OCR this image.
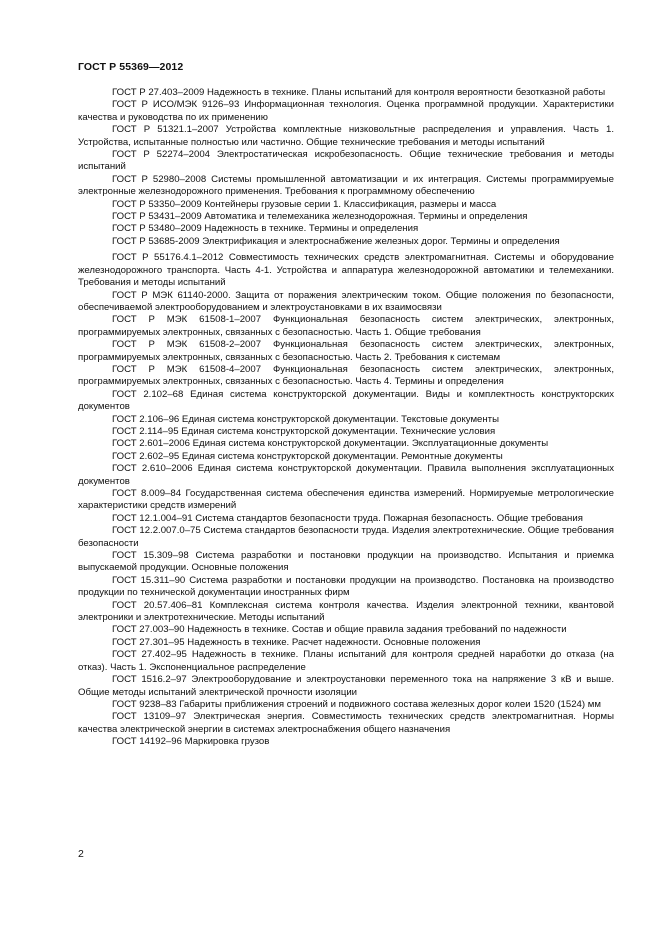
ГОСТ Р 55369—2012

ГОСТ Р 27.403–2009 Надежность в технике. Планы испытаний для контроля вероятности безотказной работы

ГОСТ Р ИСО/МЭК 9126–93 Информационная технология. Оценка программной продукции. Характеристики качества и руководства по их применению

ГОСТ Р 51321.1–2007 Устройства комплектные низковольтные распределения и управления. Часть 1. Устройства, испытанные полностью или частично. Общие технические требования и методы испытаний

ГОСТ Р 52274–2004 Электростатическая искробезопасность. Общие технические требования и методы испытаний

ГОСТ Р 52980–2008 Системы промышленной автоматизации и их интеграция. Системы программируемые электронные железнодорожного применения. Требования к программному обеспечению

ГОСТ Р 53350–2009 Контейнеры грузовые серии 1. Классификация, размеры и масса

ГОСТ Р 53431–2009 Автоматика и телемеханика железнодорожная. Термины и определения

ГОСТ Р 53480–2009 Надежность в технике. Термины и определения

ГОСТ Р 53685-2009 Электрификация и электроснабжение железных дорог. Термины и определения

ГОСТ Р 55176.4.1–2012 Совместимость технических средств электромагнитная. Системы и оборудование железнодорожного транспорта. Часть 4-1. Устройства и аппаратура железнодорожной автоматики и телемеханики. Требования и методы испытаний

ГОСТ Р МЭК 61140-2000. Защита от поражения электрическим током. Общие положения по безопасности, обеспечиваемой электрооборудованием и электроустановками в их взаимосвязи

ГОСТ Р МЭК 61508-1–2007 Функциональная безопасность систем электрических, электронных, программируемых электронных, связанных с безопасностью. Часть 1. Общие требования

ГОСТ Р МЭК 61508-2–2007 Функциональная безопасность систем электрических, электронных, программируемых электронных, связанных с безопасностью. Часть 2. Требования к системам

ГОСТ Р МЭК 61508-4–2007 Функциональная безопасность систем электрических, электронных, программируемых электронных, связанных с безопасностью. Часть 4. Термины и определения

ГОСТ 2.102–68 Единая система конструкторской документации. Виды и комплектность конструкторских документов

ГОСТ 2.106–96 Единая система конструкторской документации. Текстовые документы

ГОСТ 2.114–95 Единая система конструкторской документации. Технические условия

ГОСТ 2.601–2006 Единая система конструкторской документации. Эксплуатационные документы

ГОСТ 2.602–95 Единая система конструкторской документации. Ремонтные документы

ГОСТ 2.610–2006 Единая система конструкторской документации. Правила выполнения эксплуатационных документов

ГОСТ 8.009–84 Государственная система обеспечения единства измерений. Нормируемые метрологические характеристики средств измерений

ГОСТ 12.1.004–91 Система стандартов безопасности труда. Пожарная безопасность. Общие требования

ГОСТ 12.2.007.0–75 Система стандартов безопасности труда. Изделия электротехнические. Общие требования безопасности

ГОСТ 15.309–98 Система разработки и постановки продукции на производство. Испытания и приемка выпускаемой продукции. Основные положения

ГОСТ 15.311–90 Система разработки и постановки продукции на производство. Постановка на производство продукции по технической документации иностранных фирм

ГОСТ 20.57.406–81 Комплексная система контроля качества. Изделия электронной техники, квантовой электроники и электротехнические. Методы испытаний

ГОСТ 27.003–90 Надежность в технике. Состав и общие правила задания требований по надежности

ГОСТ 27.301–95 Надежность в технике. Расчет надежности. Основные положения

ГОСТ 27.402–95 Надежность в технике. Планы испытаний для контроля средней наработки до отказа (на отказ). Часть 1. Экспоненциальное распределение

ГОСТ 1516.2–97 Электрооборудование и электроустановки переменного тока на напряжение 3 кВ и выше. Общие методы испытаний электрической прочности изоляции

ГОСТ 9238–83 Габариты приближения строений и подвижного состава железных дорог колеи 1520 (1524) мм

ГОСТ 13109–97 Электрическая энергия. Совместимость технических средств электромагнитная. Нормы качества электрической энергии в системах электроснабжения общего назначения

ГОСТ 14192–96 Маркировка грузов

2
